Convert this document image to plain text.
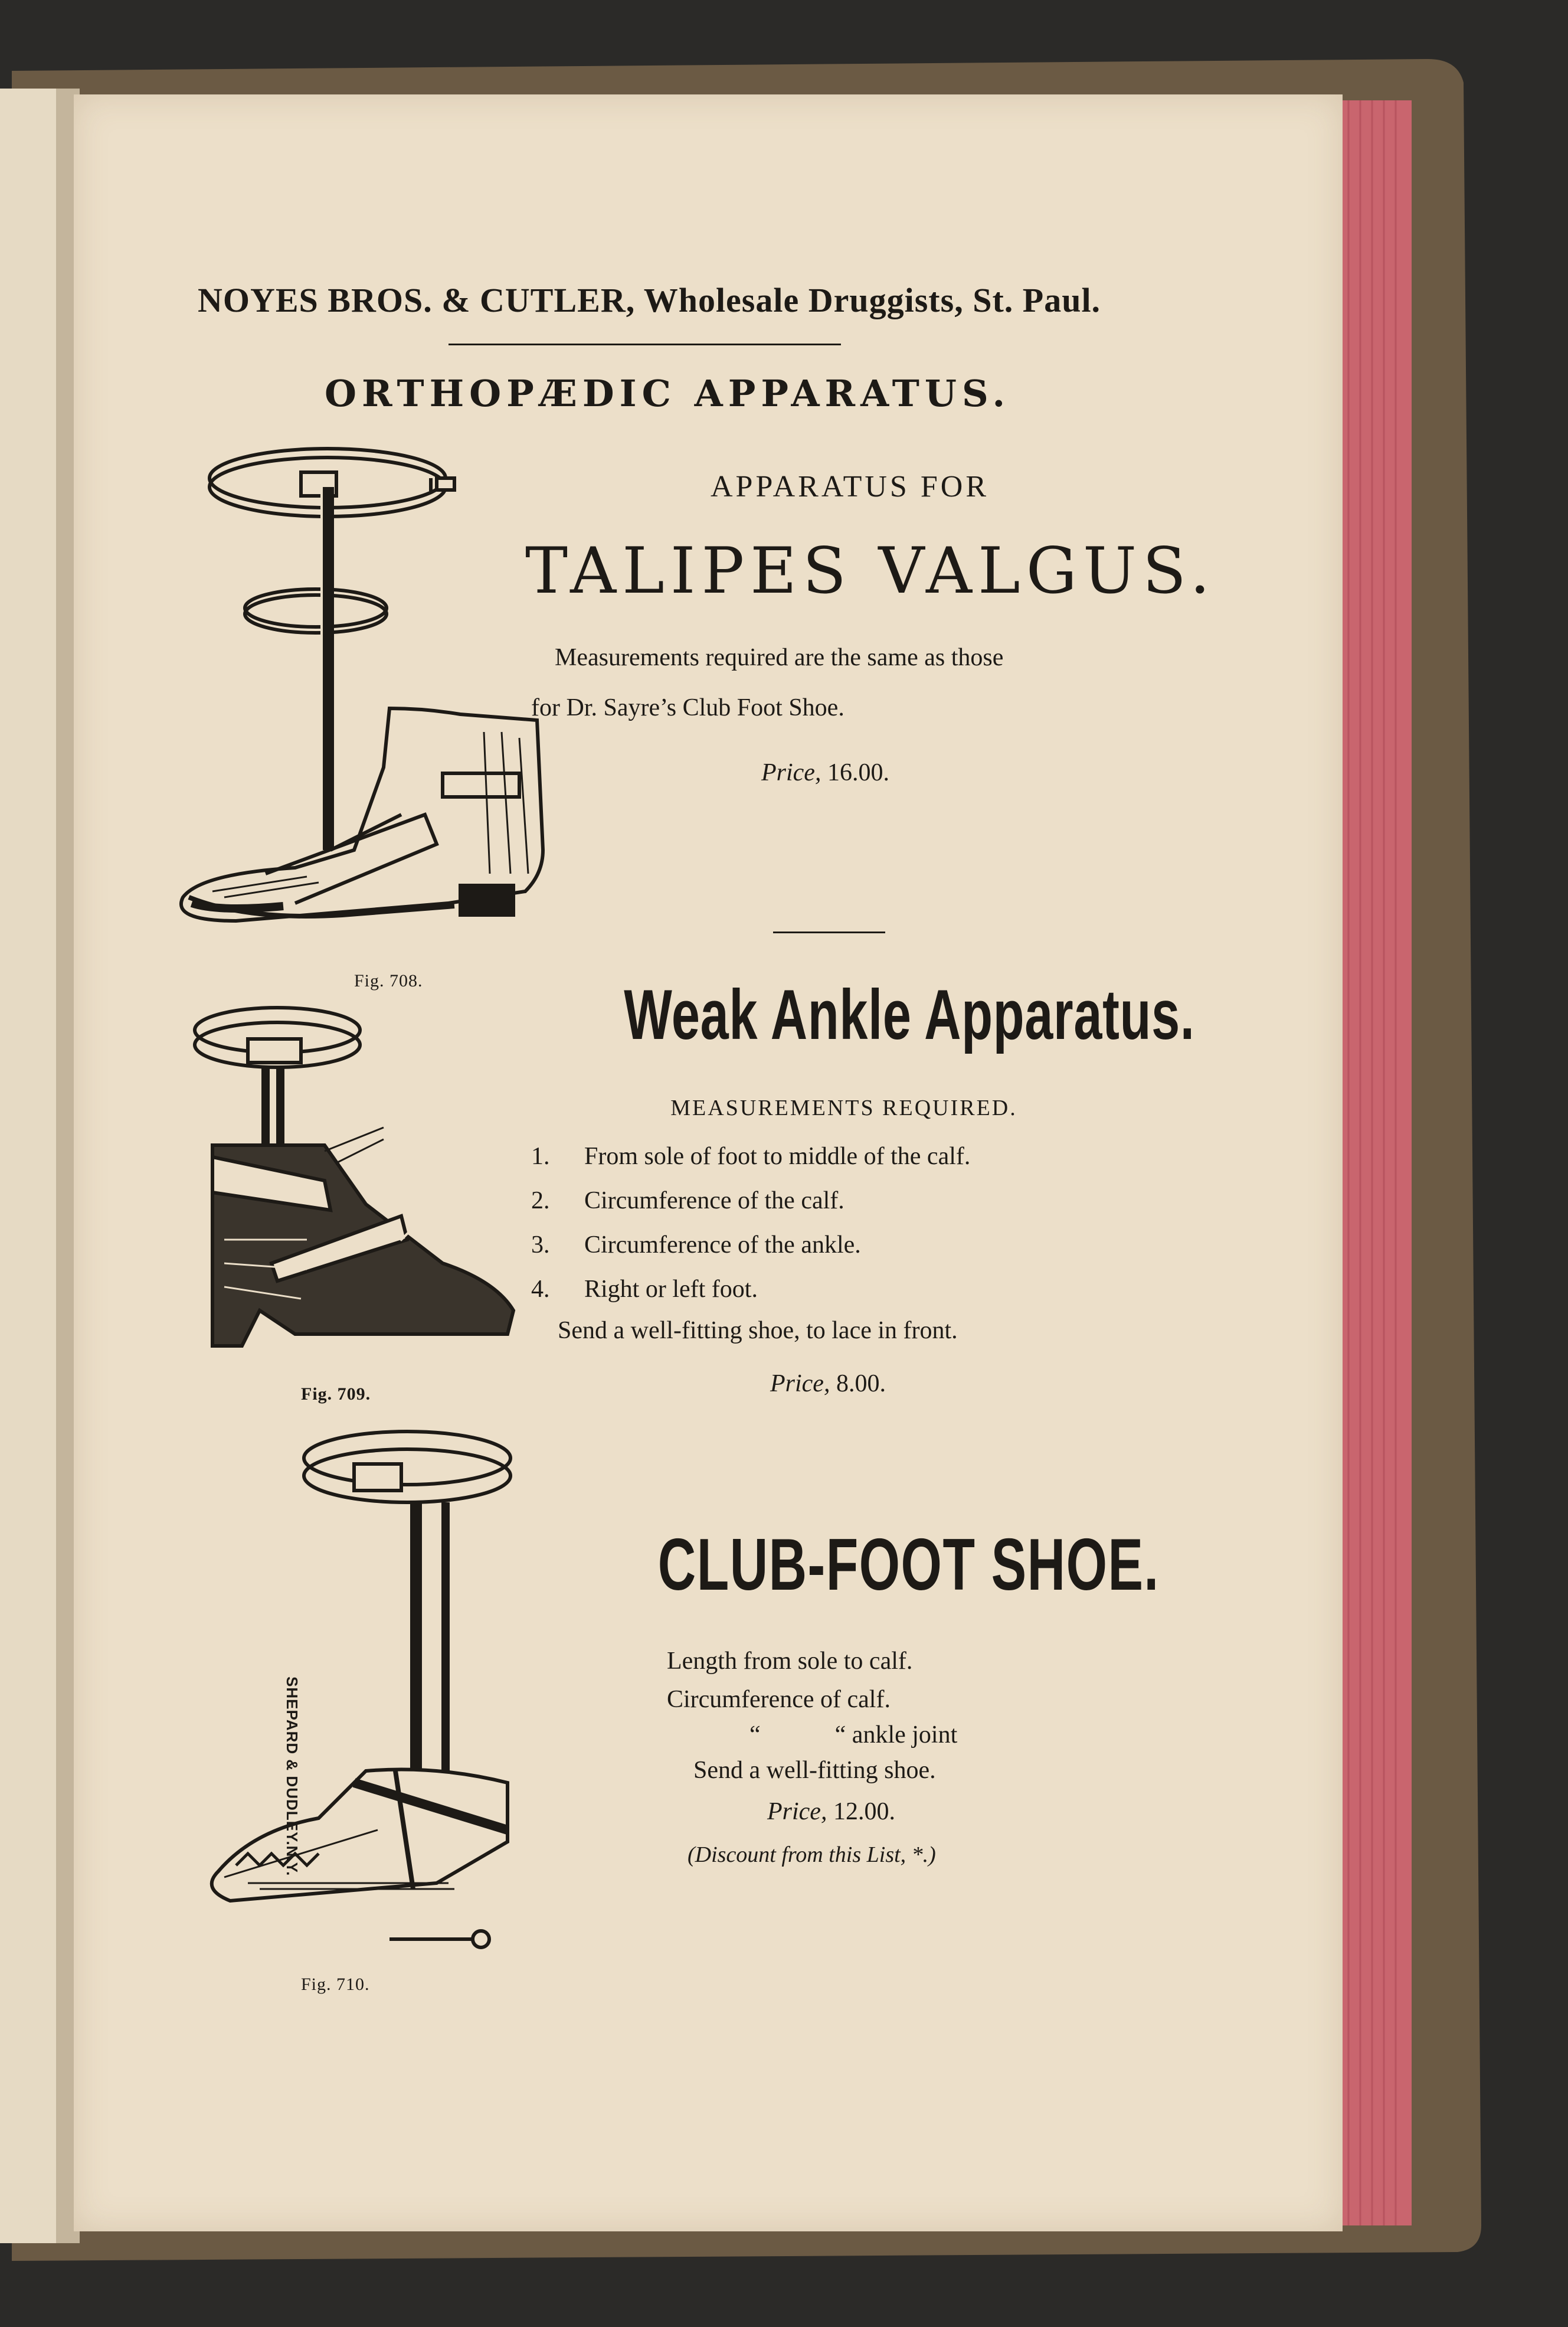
NOYES BROS. & CUTLER, Wholesale Druggists, St. Paul.
ORTHOPÆDIC APPARATUS.
Fig. 708.
APPARATUS FOR
TALIPES VALGUS.
Measurements required are the same as those
for Dr. Sayre’s Club Foot Shoe.
Price, 16.00.
Fig. 709.
Weak Ankle Apparatus.
MEASUREMENTS REQUIRED.
1. From sole of foot to middle of the calf.
2. Circumference of the calf.
3. Circumference of the ankle.
4. Right or left foot.
Send a well-fitting shoe, to lace in front.
Price, 8.00.
SHEPARD & DUDLEY.N.Y.
Fig. 710.
CLUB-FOOT SHOE.
Length from sole to calf.
Circumference of calf.
“            “ ankle joint
Send a well-fitting shoe.
Price, 12.00.
(Discount from this List, *.)
